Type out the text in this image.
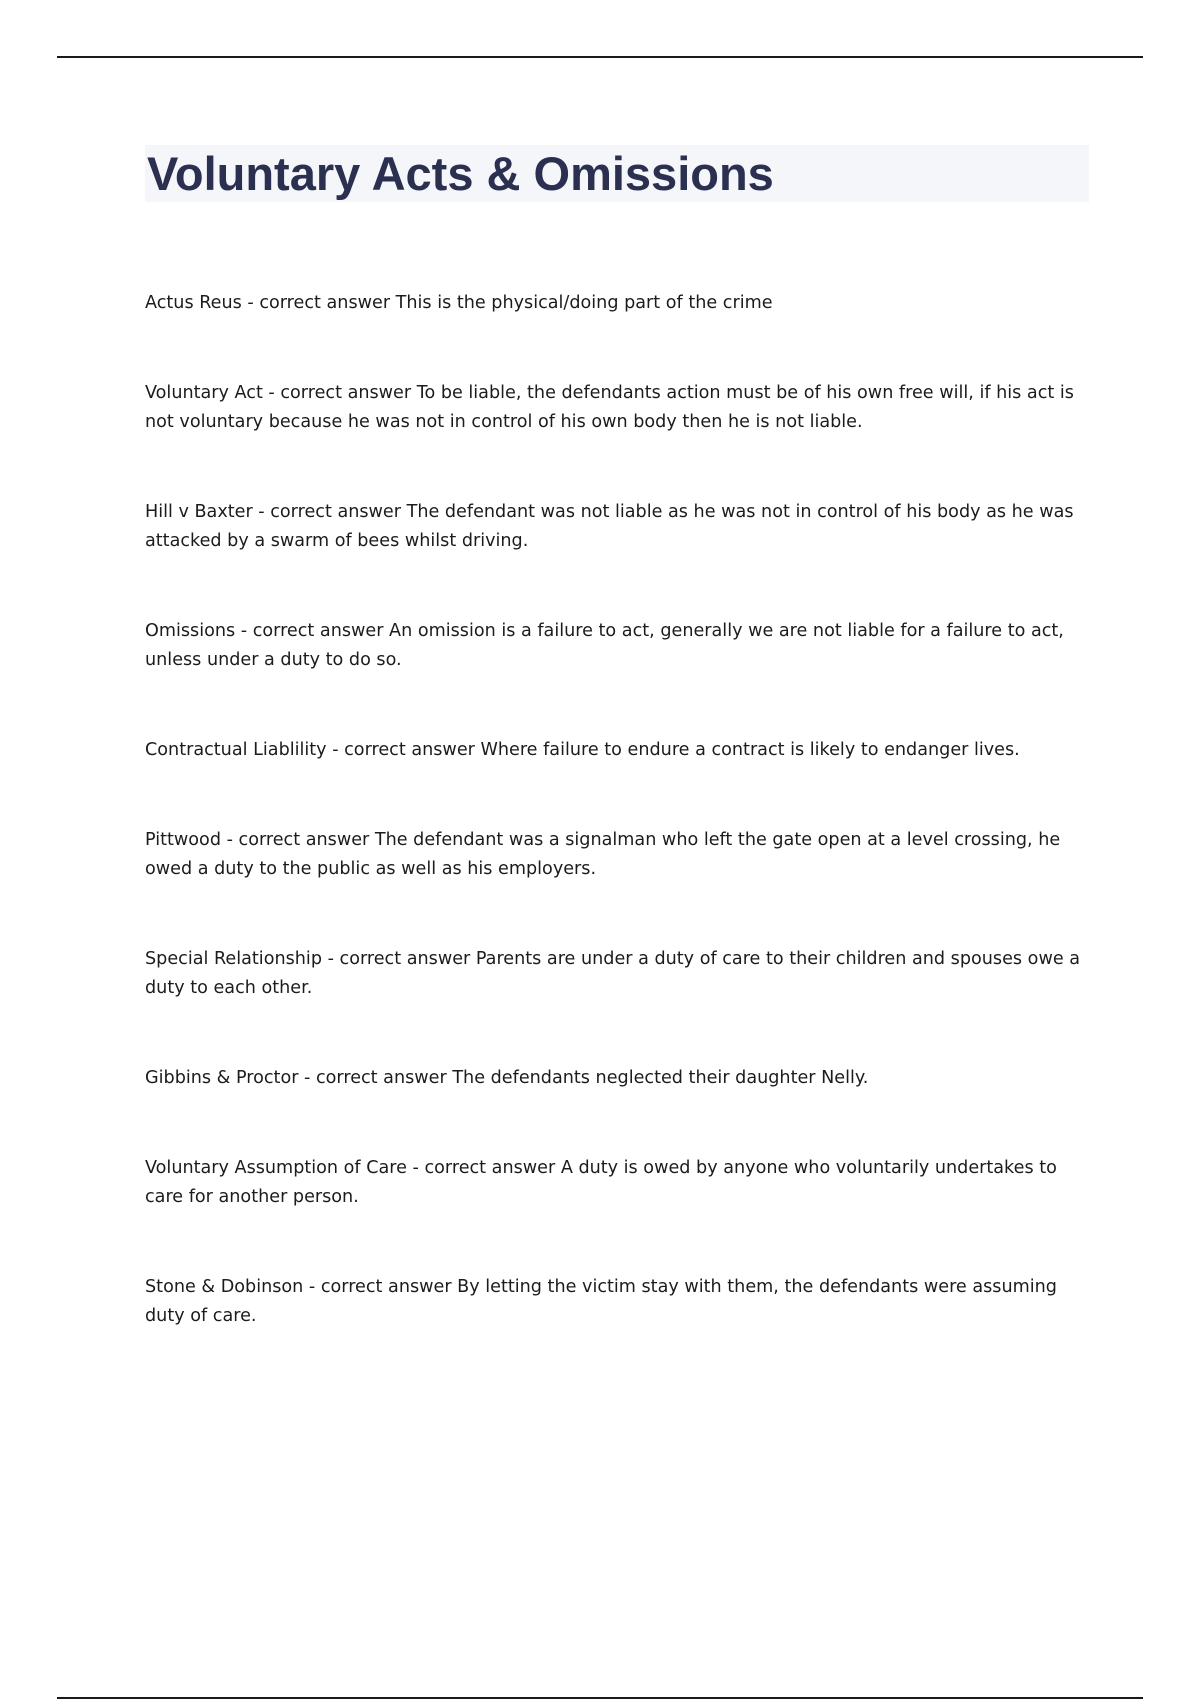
Voluntary Acts & Omissions

Actus Reus - correct answer This is the physical/doing part of the crime

Voluntary Act - correct answer To be liable, the defendants action must be of his own free will, if his act is not voluntary because he was not in control of his own body then he is not liable.

Hill v Baxter - correct answer The defendant was not liable as he was not in control of his body as he was attacked by a swarm of bees whilst driving.

Omissions - correct answer An omission is a failure to act, generally we are not liable for a failure to act, unless under a duty to do so.

Contractual Liablility - correct answer Where failure to endure a contract is likely to endanger lives.

Pittwood - correct answer The defendant was a signalman who left the gate open at a level crossing, he owed a duty to the public as well as his employers.

Special Relationship - correct answer Parents are under a duty of care to their children and spouses owe a duty to each other.

Gibbins & Proctor - correct answer The defendants neglected their daughter Nelly.

Voluntary Assumption of Care - correct answer A duty is owed by anyone who voluntarily undertakes to care for another person.

Stone & Dobinson - correct answer By letting the victim stay with them, the defendants were assuming duty of care.
